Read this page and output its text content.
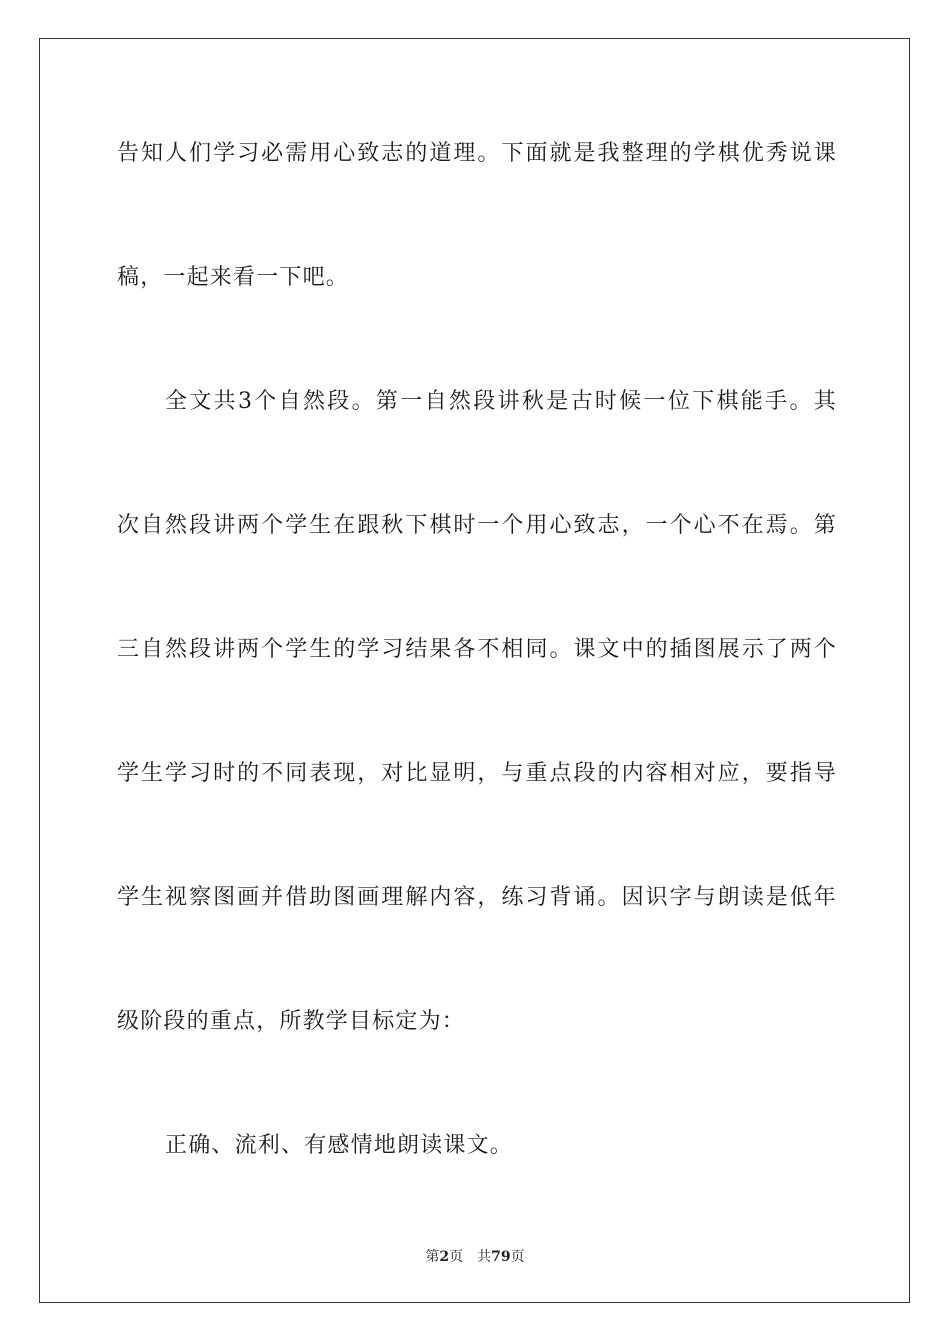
告知人们学习必需用心致志的道理。下面就是我整理的学棋优秀说课
稿，一起来看一下吧。
全文共3个自然段。第一自然段讲秋是古时候一位下棋能手。其
次自然段讲两个学生在跟秋下棋时一个用心致志，一个心不在焉。第
三自然段讲两个学生的学习结果各不相同。课文中的插图展示了两个
学生学习时的不同表现，对比显明，与重点段的内容相对应，要指导
学生视察图画并借助图画理解内容，练习背诵。因识字与朗读是低年
级阶段的重点，所教学目标定为：
正确、流利、有感情地朗读课文。
第2页 共79页
